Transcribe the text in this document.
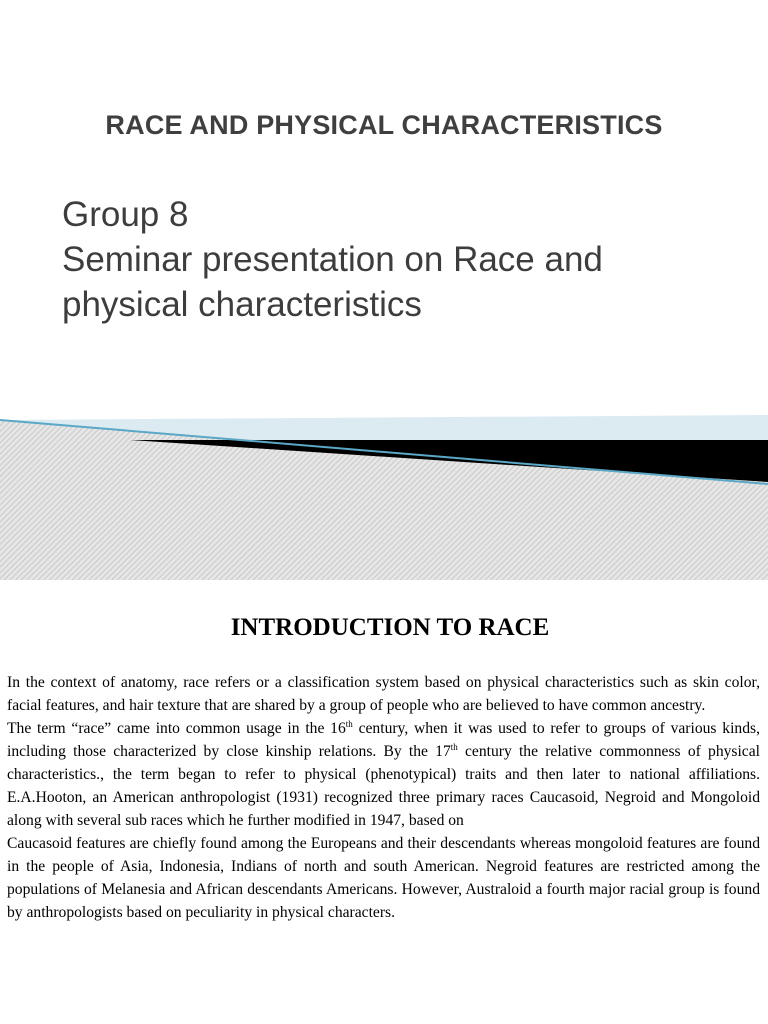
RACE AND PHYSICAL CHARACTERISTICS
Group 8
Seminar presentation on Race and
physical characteristics
INTRODUCTION TO RACE

In the context of anatomy, race refers or a classification system based on physical characteristics such as skin color, facial features, and hair texture that are shared by a group of people who are believed to have common ancestry.

The term “race” came into common usage in the 16th century, when it was used to refer to groups of various kinds, including those characterized by close kinship relations. By the 17th century the relative commonness of physical characteristics., the term began to refer to physical (phenotypical) traits and then later to national affiliations. E.A.Hooton, an American anthropologist (1931) recognized three primary races Caucasoid, Negroid and Mongoloid along with several sub races which he further modified in 1947, based on

Caucasoid features are chiefly found among the Europeans and their descendants whereas mongoloid features are found in the people of Asia, Indonesia, Indians of north and south American. Negroid features are restricted among the populations of Melanesia and African descendants Americans. However, Australoid a fourth major racial group is found by anthropologists based on peculiarity in physical characters.
